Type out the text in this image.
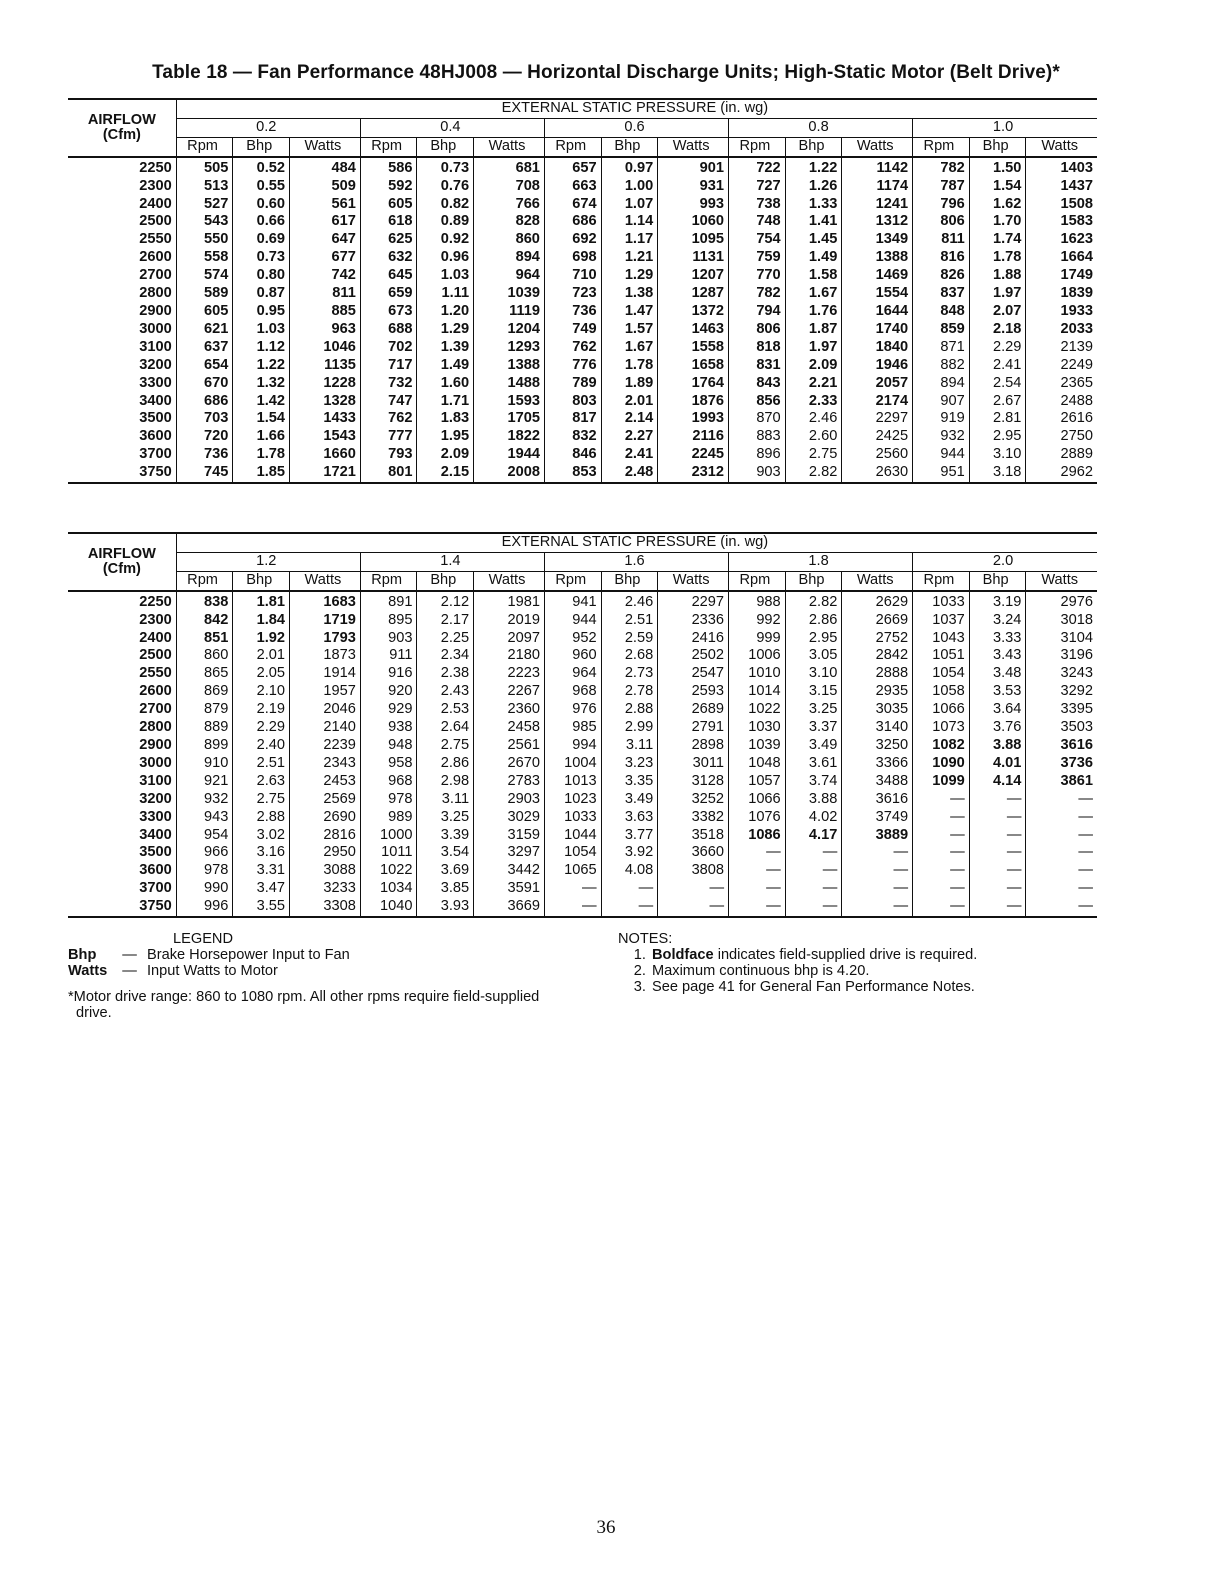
Table 18 — Fan Performance 48HJ008 — Horizontal Discharge Units; High-Static Motor (Belt Drive)*
AIRFLOW
(Cfm)	EXTERNAL STATIC PRESSURE (in. wg)														
	0.2			0.4			0.6			0.8			1.0		
	Rpm	Bhp	Watts	Rpm	Bhp	Watts	Rpm	Bhp	Watts	Rpm	Bhp	Watts	Rpm	Bhp	Watts
2250	505	0.52	484	586	0.73	681	657	0.97	901	722	1.22	1142	782	1.50	1403
2300	513	0.55	509	592	0.76	708	663	1.00	931	727	1.26	1174	787	1.54	1437
2400	527	0.60	561	605	0.82	766	674	1.07	993	738	1.33	1241	796	1.62	1508
2500	543	0.66	617	618	0.89	828	686	1.14	1060	748	1.41	1312	806	1.70	1583
2550	550	0.69	647	625	0.92	860	692	1.17	1095	754	1.45	1349	811	1.74	1623
2600	558	0.73	677	632	0.96	894	698	1.21	1131	759	1.49	1388	816	1.78	1664
2700	574	0.80	742	645	1.03	964	710	1.29	1207	770	1.58	1469	826	1.88	1749
2800	589	0.87	811	659	1.11	1039	723	1.38	1287	782	1.67	1554	837	1.97	1839
2900	605	0.95	885	673	1.20	1119	736	1.47	1372	794	1.76	1644	848	2.07	1933
3000	621	1.03	963	688	1.29	1204	749	1.57	1463	806	1.87	1740	859	2.18	2033
3100	637	1.12	1046	702	1.39	1293	762	1.67	1558	818	1.97	1840	871	2.29	2139
3200	654	1.22	1135	717	1.49	1388	776	1.78	1658	831	2.09	1946	882	2.41	2249
3300	670	1.32	1228	732	1.60	1488	789	1.89	1764	843	2.21	2057	894	2.54	2365
3400	686	1.42	1328	747	1.71	1593	803	2.01	1876	856	2.33	2174	907	2.67	2488
3500	703	1.54	1433	762	1.83	1705	817	2.14	1993	870	2.46	2297	919	2.81	2616
3600	720	1.66	1543	777	1.95	1822	832	2.27	2116	883	2.60	2425	932	2.95	2750
3700	736	1.78	1660	793	2.09	1944	846	2.41	2245	896	2.75	2560	944	3.10	2889
3750	745	1.85	1721	801	2.15	2008	853	2.48	2312	903	2.82	2630	951	3.18	2962
AIRFLOW
(Cfm)	EXTERNAL STATIC PRESSURE (in. wg)														
	1.2			1.4			1.6			1.8			2.0		
	Rpm	Bhp	Watts	Rpm	Bhp	Watts	Rpm	Bhp	Watts	Rpm	Bhp	Watts	Rpm	Bhp	Watts
2250	838	1.81	1683	891	2.12	1981	941	2.46	2297	988	2.82	2629	1033	3.19	2976
2300	842	1.84	1719	895	2.17	2019	944	2.51	2336	992	2.86	2669	1037	3.24	3018
2400	851	1.92	1793	903	2.25	2097	952	2.59	2416	999	2.95	2752	1043	3.33	3104
2500	860	2.01	1873	911	2.34	2180	960	2.68	2502	1006	3.05	2842	1051	3.43	3196
2550	865	2.05	1914	916	2.38	2223	964	2.73	2547	1010	3.10	2888	1054	3.48	3243
2600	869	2.10	1957	920	2.43	2267	968	2.78	2593	1014	3.15	2935	1058	3.53	3292
2700	879	2.19	2046	929	2.53	2360	976	2.88	2689	1022	3.25	3035	1066	3.64	3395
2800	889	2.29	2140	938	2.64	2458	985	2.99	2791	1030	3.37	3140	1073	3.76	3503
2900	899	2.40	2239	948	2.75	2561	994	3.11	2898	1039	3.49	3250	1082	3.88	3616
3000	910	2.51	2343	958	2.86	2670	1004	3.23	3011	1048	3.61	3366	1090	4.01	3736
3100	921	2.63	2453	968	2.98	2783	1013	3.35	3128	1057	3.74	3488	1099	4.14	3861
3200	932	2.75	2569	978	3.11	2903	1023	3.49	3252	1066	3.88	3616	—	—	—
3300	943	2.88	2690	989	3.25	3029	1033	3.63	3382	1076	4.02	3749	—	—	—
3400	954	3.02	2816	1000	3.39	3159	1044	3.77	3518	1086	4.17	3889	—	—	—
3500	966	3.16	2950	1011	3.54	3297	1054	3.92	3660	—	—	—	—	—	—
3600	978	3.31	3088	1022	3.69	3442	1065	4.08	3808	—	—	—	—	—	—
3700	990	3.47	3233	1034	3.85	3591	—	—	—	—	—	—	—	—	—
3750	996	3.55	3308	1040	3.93	3669	—	—	—	—	—	—	—	—	—
LEGEND
Bhp	— Brake Horsepower Input to Fan
Watts	— Input Watts to Motor
*Motor drive range: 860 to 1080 rpm. All other rpms require field-supplied drive.
NOTES:
1. Boldface indicates field-supplied drive is required.
2. Maximum continuous bhp is 4.20.
3. See page 41 for General Fan Performance Notes.
36
